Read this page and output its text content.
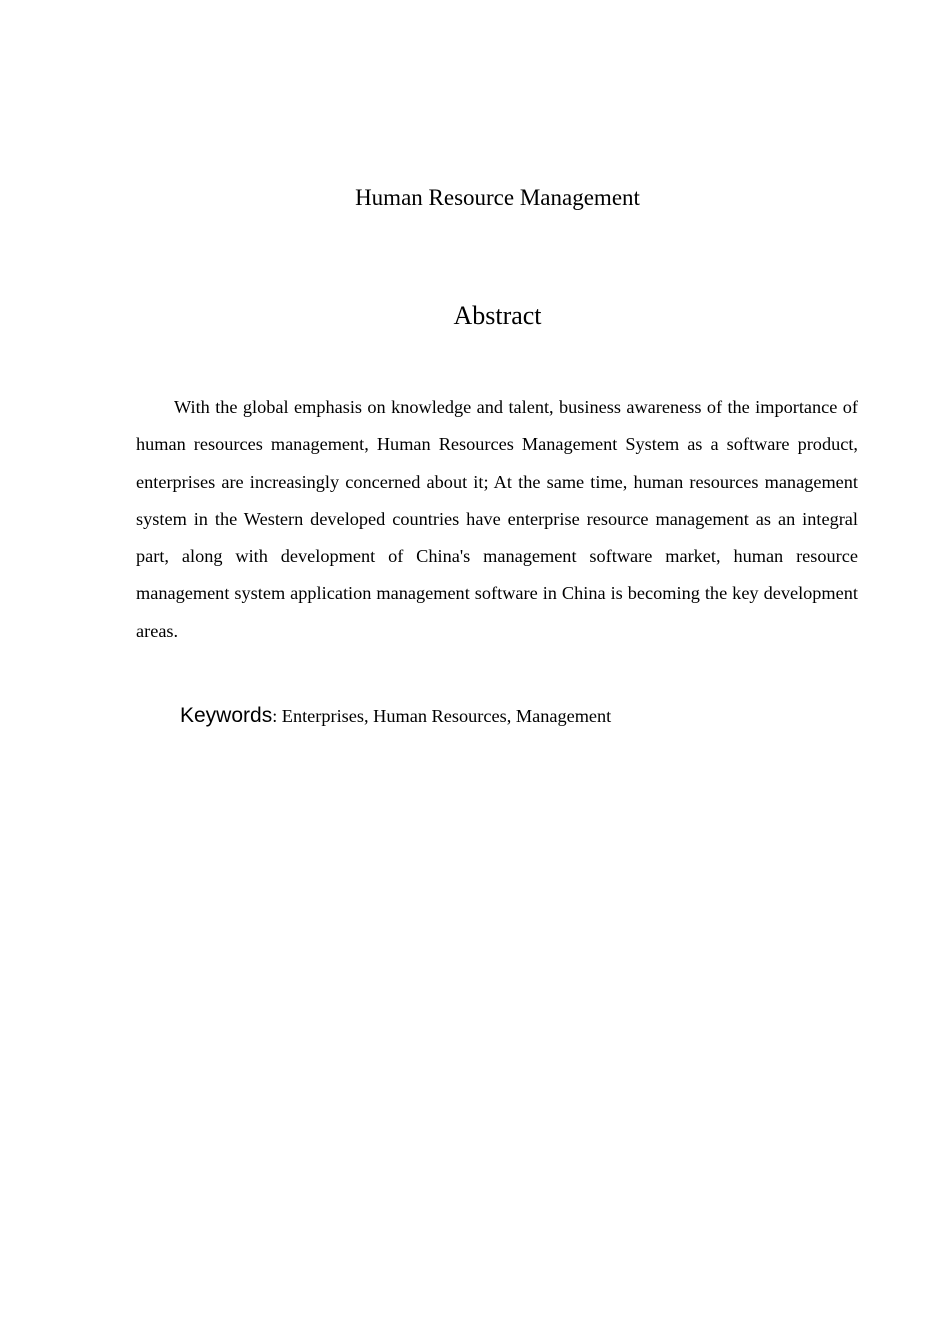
Human Resource Management
Abstract

With the global emphasis on knowledge and talent, business awareness of the importance of human resources management, Human Resources Management System as a software product, enterprises are increasingly concerned about it; At the same time, human resources management system in the Western developed countries have enterprise resource management as an integral part, along with development of China's management software market, human resource management system application management software in China is becoming the key development areas.

Keywords: Enterprises, Human Resources, Management
